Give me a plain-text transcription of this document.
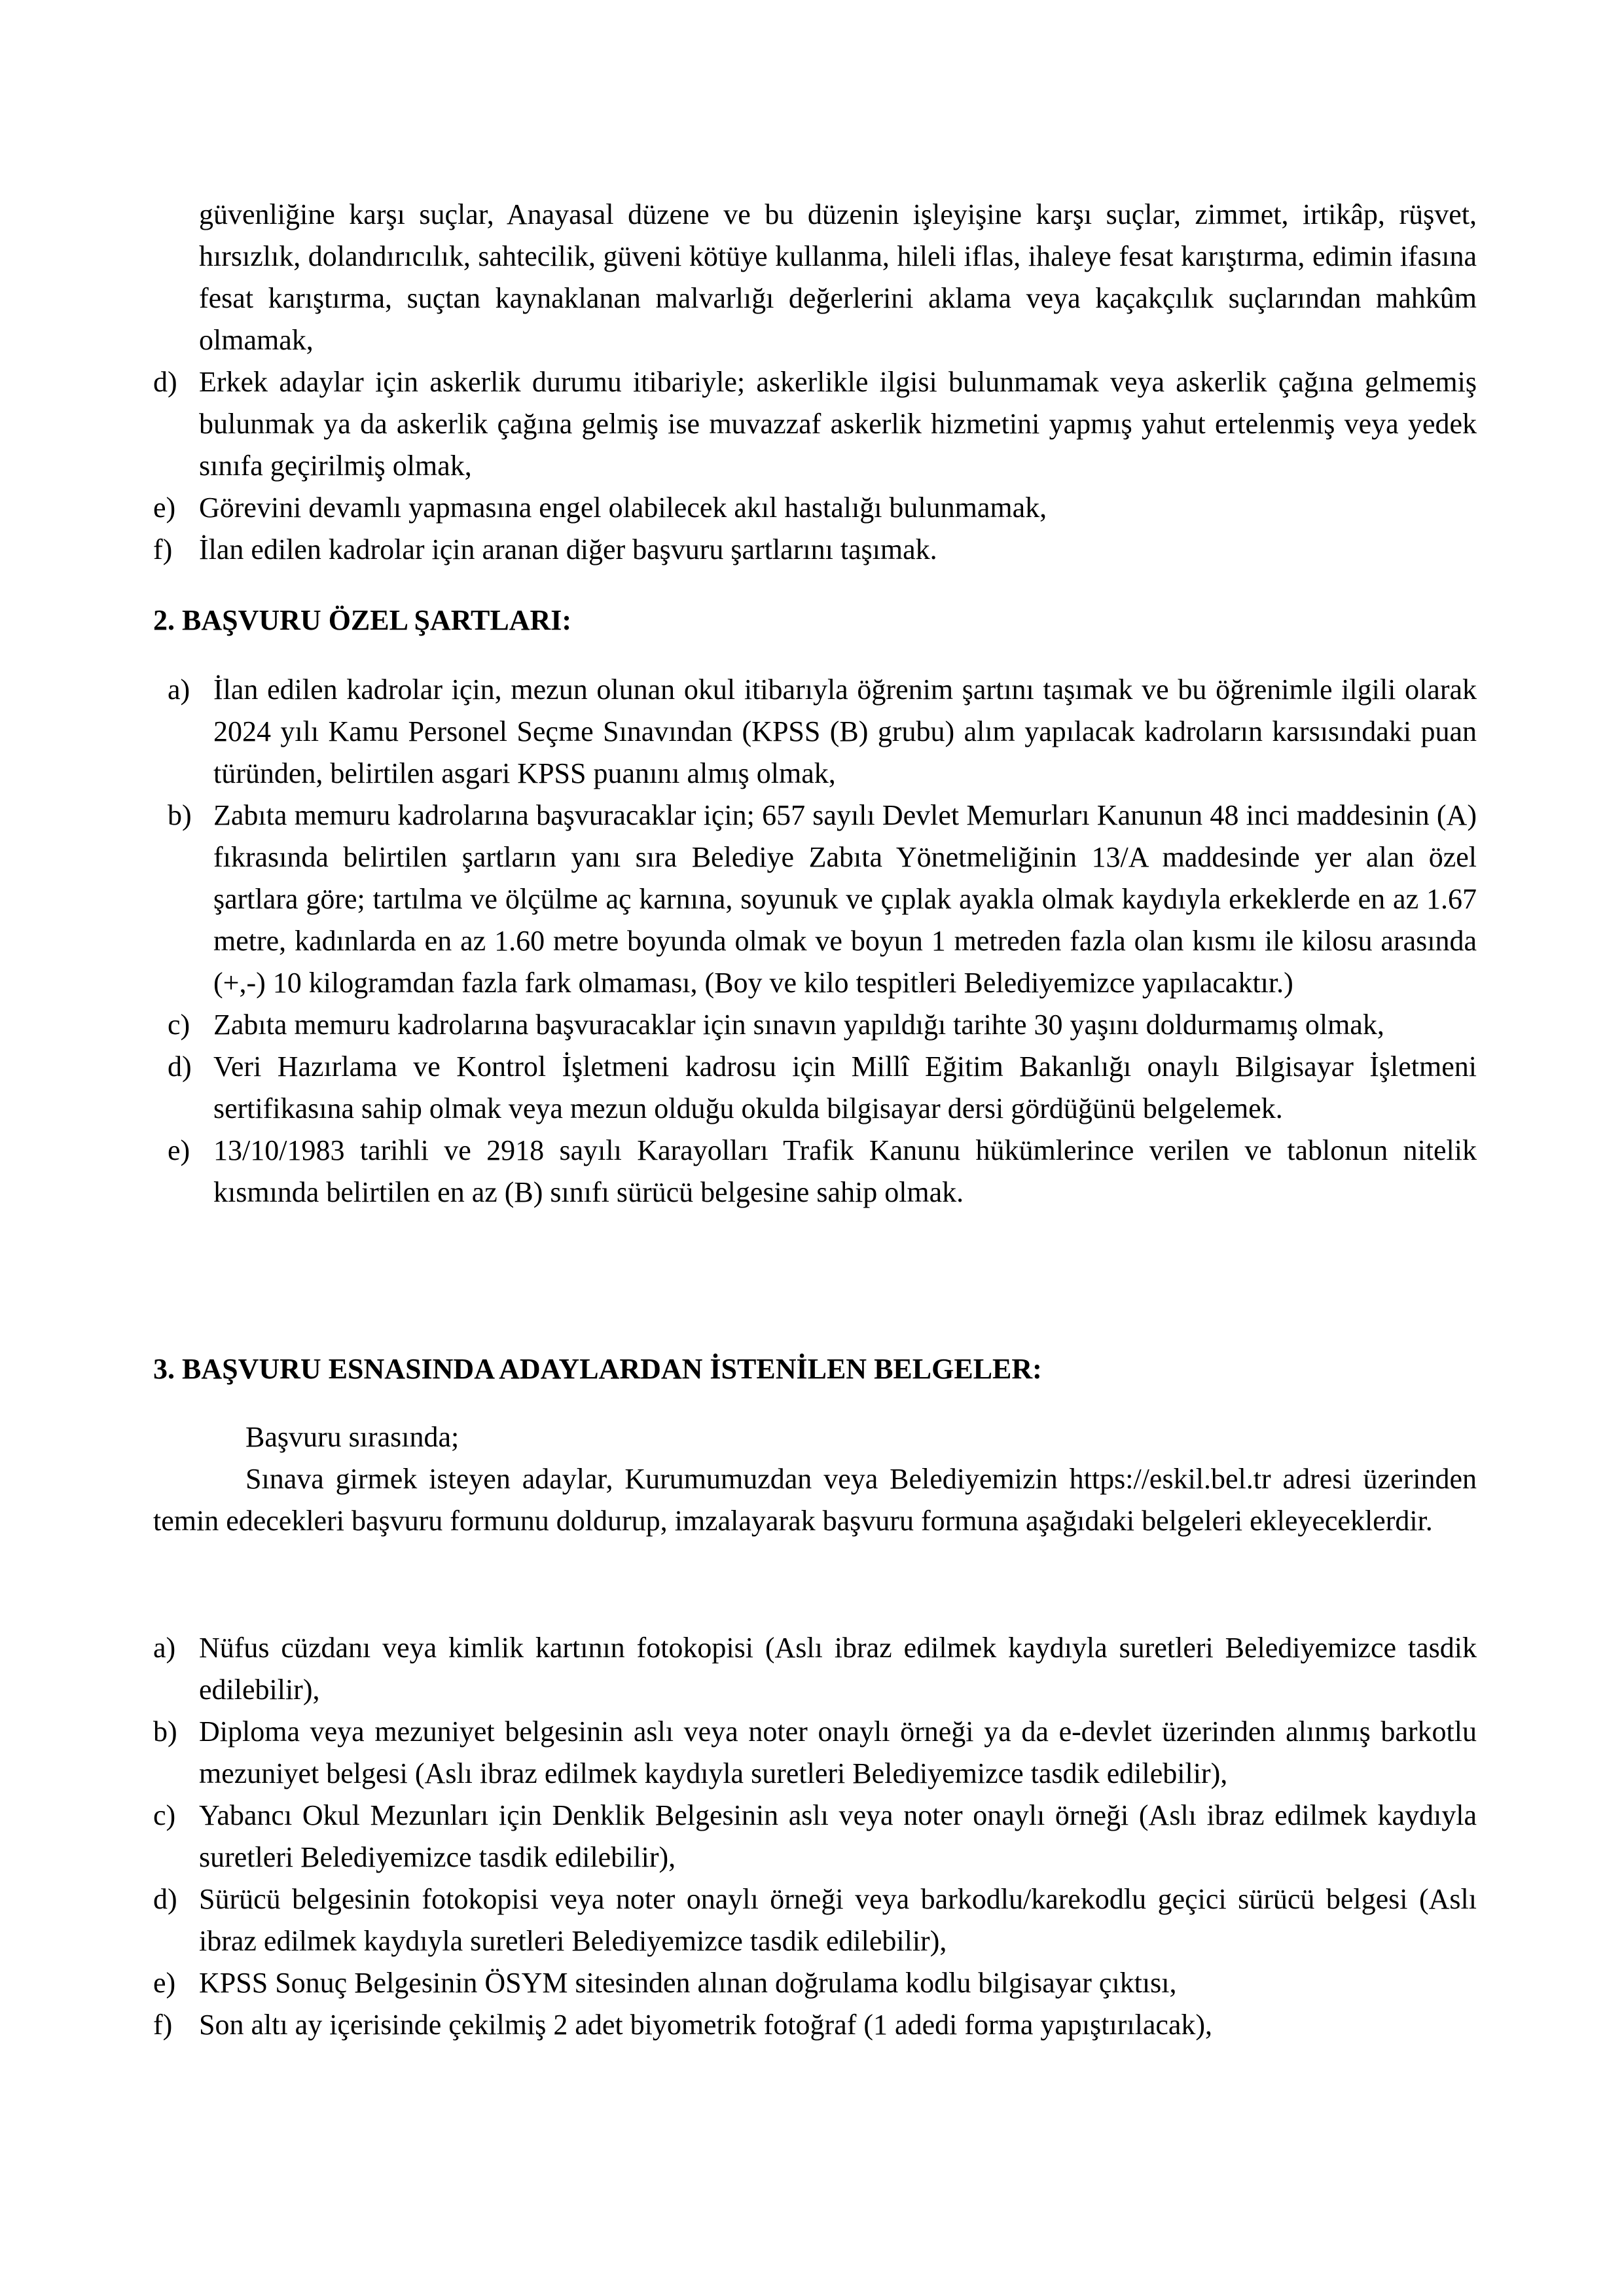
güvenliğine karşı suçlar, Anayasal düzene ve bu düzenin işleyişine karşı suçlar, zimmet, irtikâp, rüşvet, hırsızlık, dolandırıcılık, sahtecilik, güveni kötüye kullanma, hileli iflas, ihaleye fesat karıştırma, edimin ifasına fesat karıştırma, suçtan kaynaklanan malvarlığı değerlerini aklama veya kaçakçılık suçlarından mahkûm olmamak,
d) Erkek adaylar için askerlik durumu itibariyle; askerlikle ilgisi bulunmamak veya askerlik çağına gelmemiş bulunmak ya da askerlik çağına gelmiş ise muvazzaf askerlik hizmetini yapmış yahut ertelenmiş veya yedek sınıfa geçirilmiş olmak,
e) Görevini devamlı yapmasına engel olabilecek akıl hastalığı bulunmamak,
f) İlan edilen kadrolar için aranan diğer başvuru şartlarını taşımak.
2. BAŞVURU ÖZEL ŞARTLARI:
a) İlan edilen kadrolar için, mezun olunan okul itibarıyla öğrenim şartını taşımak ve bu öğrenimle ilgili olarak 2024 yılı Kamu Personel Seçme Sınavından (KPSS (B) grubu) alım yapılacak kadroların karsısındaki puan türünden, belirtilen asgari KPSS puanını almış olmak,
b) Zabıta memuru kadrolarına başvuracaklar için; 657 sayılı Devlet Memurları Kanunun 48 inci maddesinin (A) fıkrasında belirtilen şartların yanı sıra Belediye Zabıta Yönetmeliğinin 13/A maddesinde yer alan özel şartlara göre; tartılma ve ölçülme aç karnına, soyunuk ve çıplak ayakla olmak kaydıyla erkeklerde en az 1.67 metre, kadınlarda en az 1.60 metre boyunda olmak ve boyun 1 metreden fazla olan kısmı ile kilosu arasında (+,-) 10 kilogramdan fazla fark olmaması, (Boy ve kilo tespitleri Belediyemizce yapılacaktır.)
c) Zabıta memuru kadrolarına başvuracaklar için sınavın yapıldığı tarihte 30 yaşını doldurmamış olmak,
d) Veri Hazırlama ve Kontrol İşletmeni kadrosu için Millî Eğitim Bakanlığı onaylı Bilgisayar İşletmeni sertifikasına sahip olmak veya mezun olduğu okulda bilgisayar dersi gördüğünü belgelemek.
e) 13/10/1983 tarihli ve 2918 sayılı Karayolları Trafik Kanunu hükümlerince verilen ve tablonun nitelik kısmında belirtilen en az (B) sınıfı sürücü belgesine sahip olmak.
3. BAŞVURU ESNASINDA ADAYLARDAN İSTENİLEN BELGELER:
Başvuru sırasında;
Sınava girmek isteyen adaylar, Kurumumuzdan veya Belediyemizin https://eskil.bel.tr adresi üzerinden temin edecekleri başvuru formunu doldurup, imzalayarak başvuru formuna aşağıdaki belgeleri ekleyeceklerdir.
a) Nüfus cüzdanı veya kimlik kartının fotokopisi (Aslı ibraz edilmek kaydıyla suretleri Belediyemizce tasdik edilebilir),
b) Diploma veya mezuniyet belgesinin aslı veya noter onaylı örneği ya da e-devlet üzerinden alınmış barkotlu mezuniyet belgesi (Aslı ibraz edilmek kaydıyla suretleri Belediyemizce tasdik edilebilir),
c) Yabancı Okul Mezunları için Denklik Belgesinin aslı veya noter onaylı örneği (Aslı ibraz edilmek kaydıyla suretleri Belediyemizce tasdik edilebilir),
d) Sürücü belgesinin fotokopisi veya noter onaylı örneği veya barkodlu/karekodlu geçici sürücü belgesi (Aslı ibraz edilmek kaydıyla suretleri Belediyemizce tasdik edilebilir),
e) KPSS Sonuç Belgesinin ÖSYM sitesinden alınan doğrulama kodlu bilgisayar çıktısı,
f) Son altı ay içerisinde çekilmiş 2 adet biyometrik fotoğraf (1 adedi forma yapıştırılacak),
